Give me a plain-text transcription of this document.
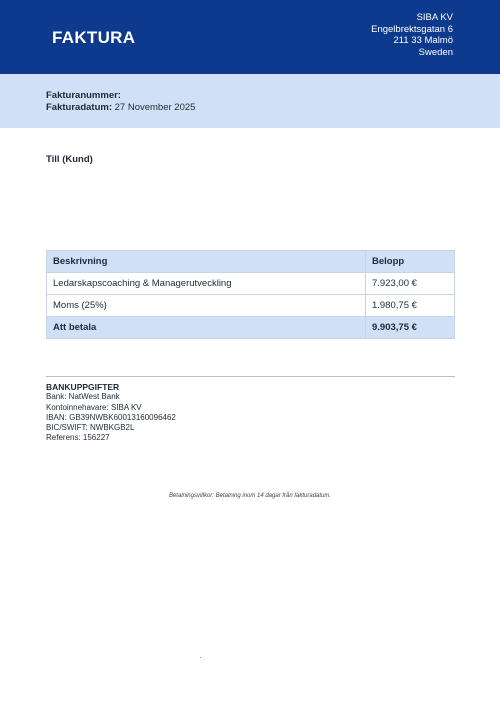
FAKTURA
SIBA KV
Engelbrektsgatan 6
211 33 Malmö
Sweden
Fakturanummer:
Fakturadatum: 27 November 2025
Till (Kund)
Beskrivning	Belopp
Ledarskapscoaching & Managerutveckling	7.923,00 €
Moms (25%)	1.980,75 €
Att betala	9.903,75 €
BANKUPPGIFTER
Bank: NatWest Bank
Kontoinnehavare: SIBA KV
IBAN: GB39NWBK60013160096462
BIC/SWIFT: NWBKGB2L
Referens: 156227
Betalningsvillkor: Betalning inom 14 dagar från fakturadatum.
